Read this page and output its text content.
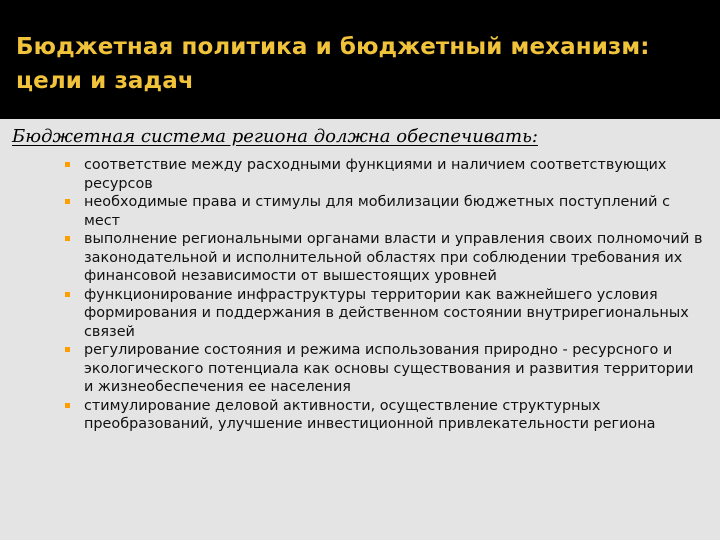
Бюджетная политика и бюджетный механизм: цели и задач

Бюджетная система региона должна обеспечивать:

соответствие между расходными функциями и наличием соответствующих ресурсов
необходимые права и стимулы для мобилизации бюджетных поступлений с мест
выполнение региональными органами власти и управления своих полномочий в законодательной и исполнительной областях при соблюдении требования их финансовой независимости от вышестоящих уровней
функционирование инфраструктуры территории как важнейшего условия формирования и поддержания в действенном состоянии внутрирегиональных связей
регулирование состояния и режима использования природно - ресурсного и экологического потенциала как основы существования и развития территории и жизнеобеспечения ее населения
стимулирование деловой активности, осуществление структурных преобразований, улучшение инвестиционной привлекательности региона
